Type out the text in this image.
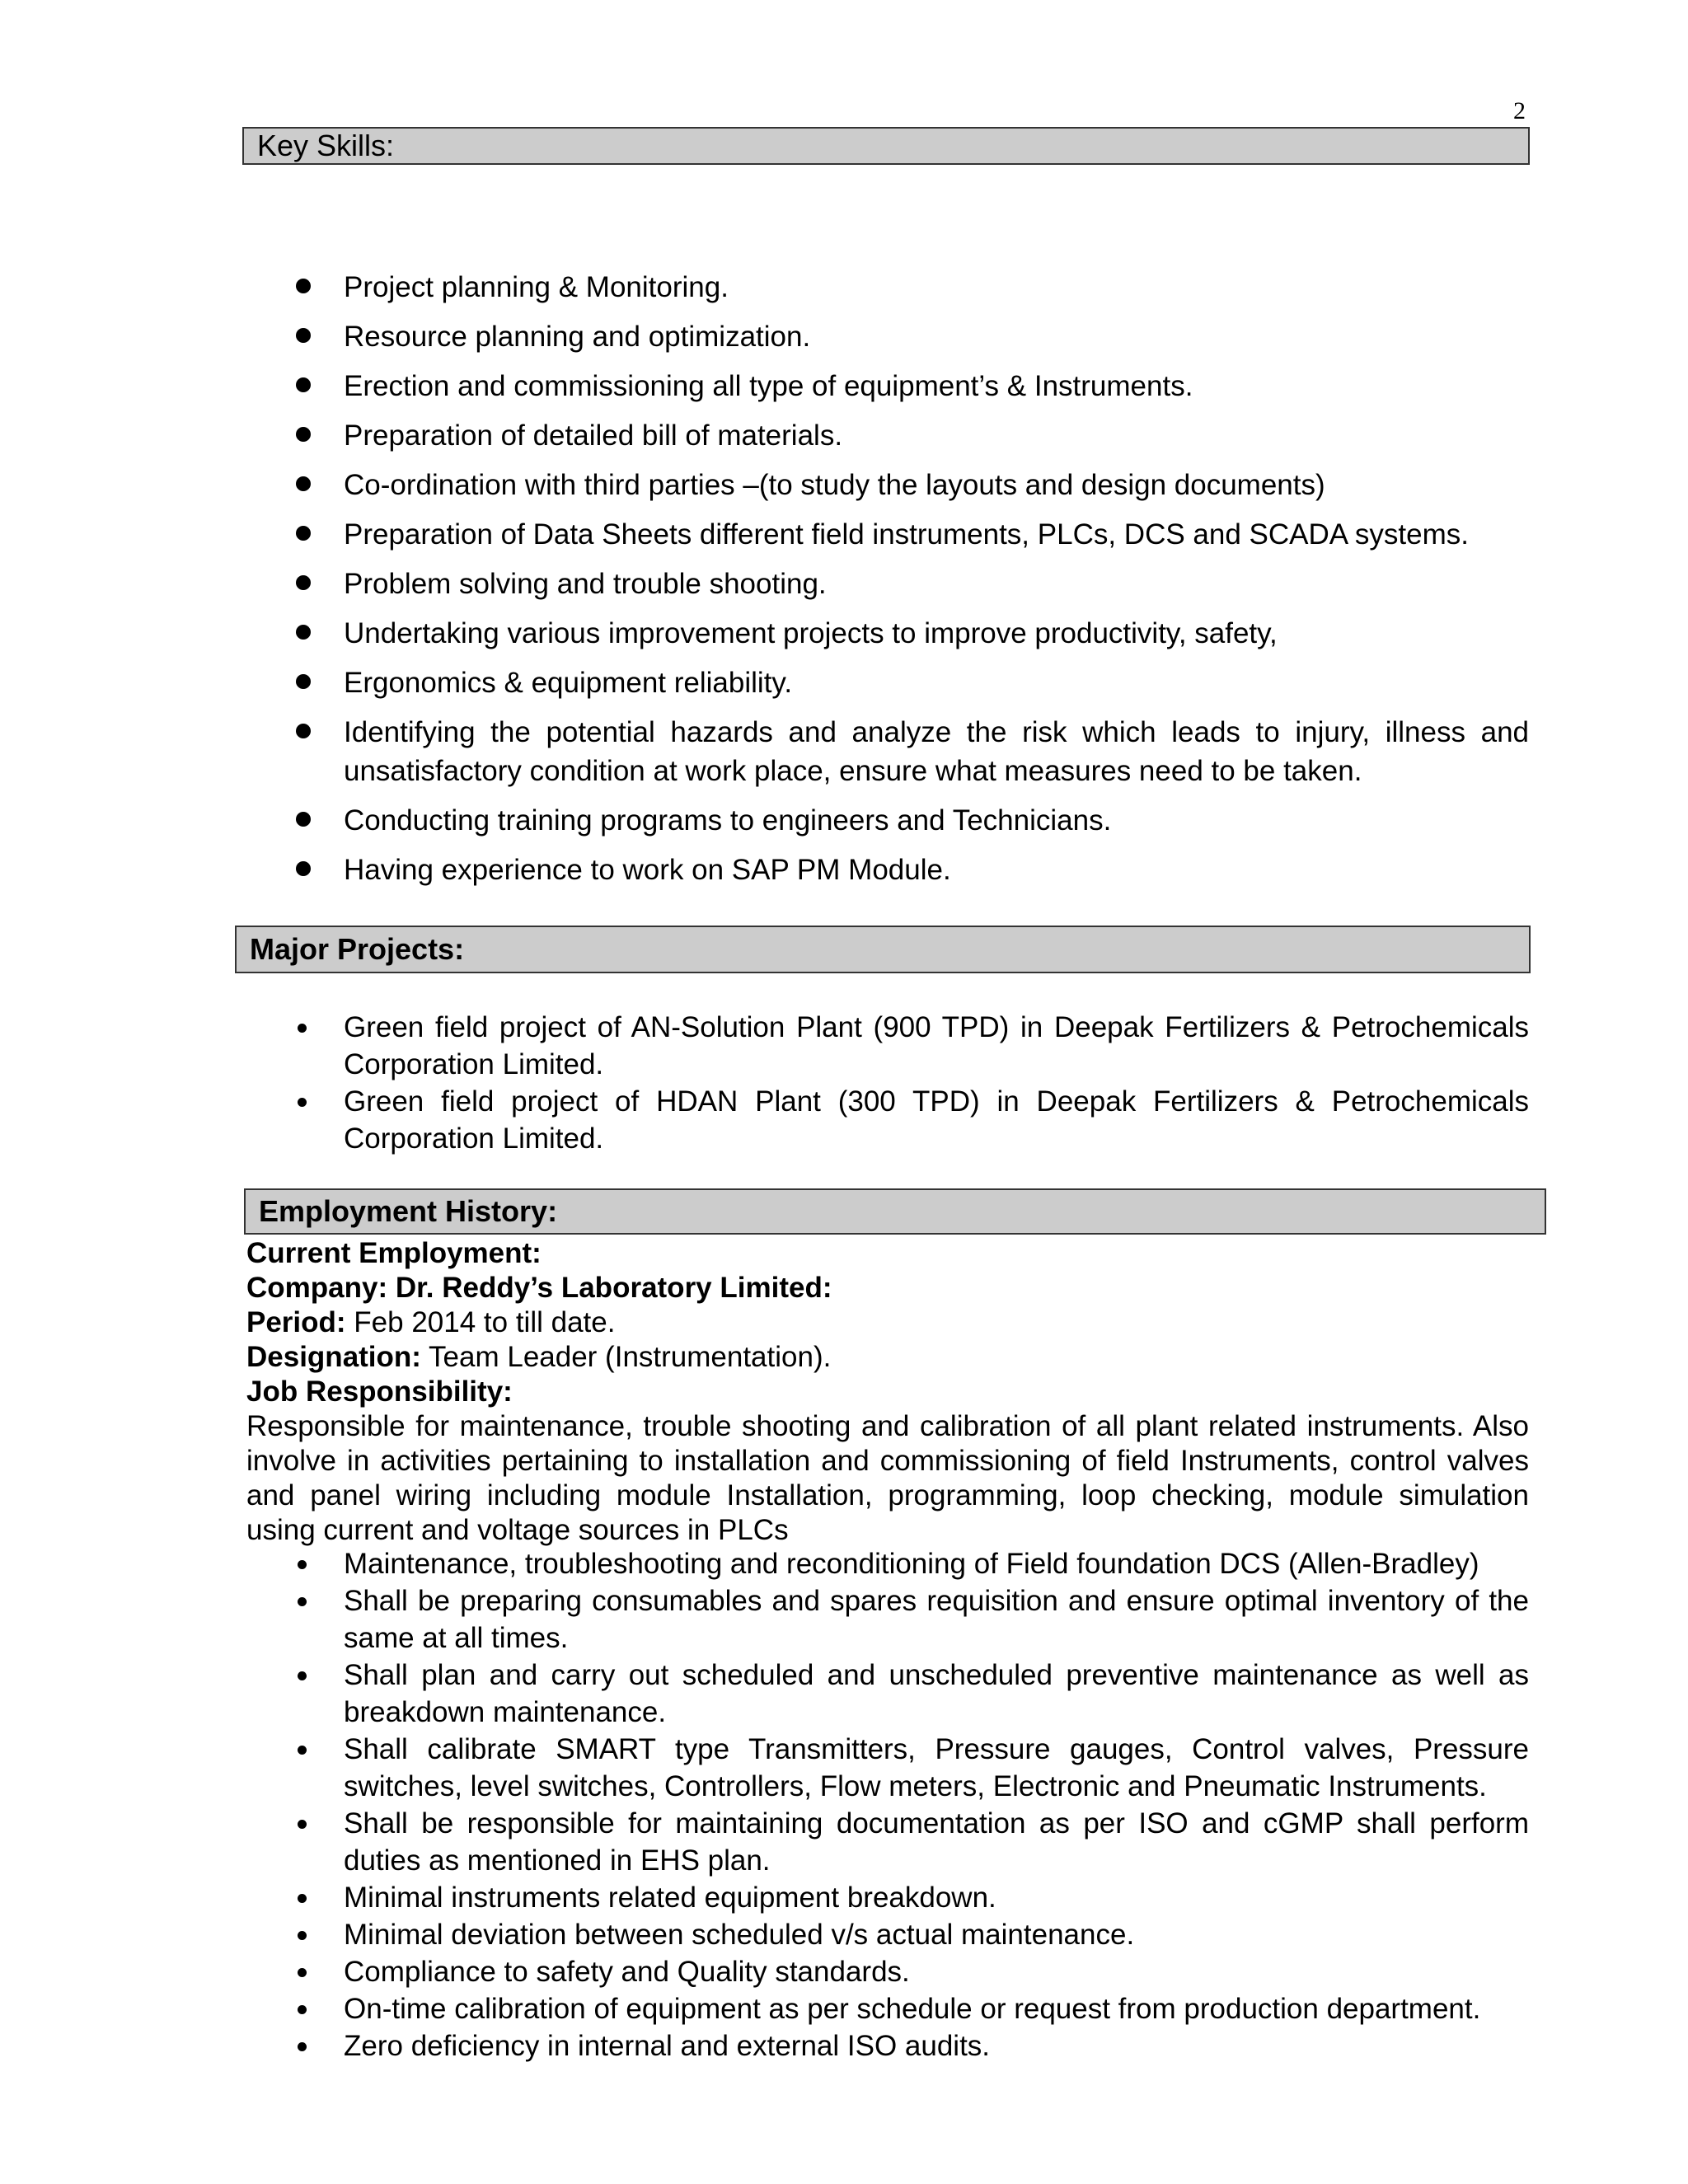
2
Key Skills:
Project planning & Monitoring.
Resource planning and optimization.
Erection and commissioning all type of equipment’s & Instruments.
Preparation of detailed bill of materials.
Co-ordination with third parties –(to study the layouts and design documents)
Preparation of Data Sheets different field instruments, PLCs, DCS and SCADA systems.
Problem solving and trouble shooting.
Undertaking various improvement projects to improve productivity, safety,
Ergonomics & equipment reliability.
Identifying the potential hazards and analyze the risk which leads to injury, illness and unsatisfactory condition at work place, ensure what measures need to be taken.
Conducting training programs to engineers and Technicians.
Having experience to work on SAP PM Module.
Major Projects:
Green field project of AN-Solution Plant (900 TPD) in Deepak Fertilizers & Petrochemicals Corporation Limited.
Green field project of HDAN Plant (300 TPD) in Deepak Fertilizers & Petrochemicals Corporation Limited.
Employment History:
Current Employment:
Company: Dr. Reddy’s Laboratory Limited:
Period: Feb 2014 to till date.
Designation: Team Leader (Instrumentation).
Job Responsibility:
Responsible for maintenance, trouble shooting and calibration of all plant related instruments. Also involve in activities pertaining to installation and commissioning of field Instruments, control valves and panel wiring including module Installation, programming, loop checking, module simulation using current and voltage sources in PLCs
Maintenance, troubleshooting and reconditioning of Field foundation DCS (Allen-Bradley)
Shall be preparing consumables and spares requisition and ensure optimal inventory of the same at all times.
Shall plan and carry out scheduled and unscheduled preventive maintenance as well as breakdown maintenance.
Shall calibrate SMART type Transmitters, Pressure gauges, Control valves, Pressure switches, level switches, Controllers, Flow meters, Electronic and Pneumatic Instruments.
Shall be responsible for maintaining documentation as per ISO and cGMP shall perform duties as mentioned in EHS plan.
Minimal instruments related equipment breakdown.
Minimal deviation between scheduled v/s actual maintenance.
Compliance to safety and Quality standards.
On-time calibration of equipment as per schedule or request from production department.
Zero deficiency in internal and external ISO audits.
